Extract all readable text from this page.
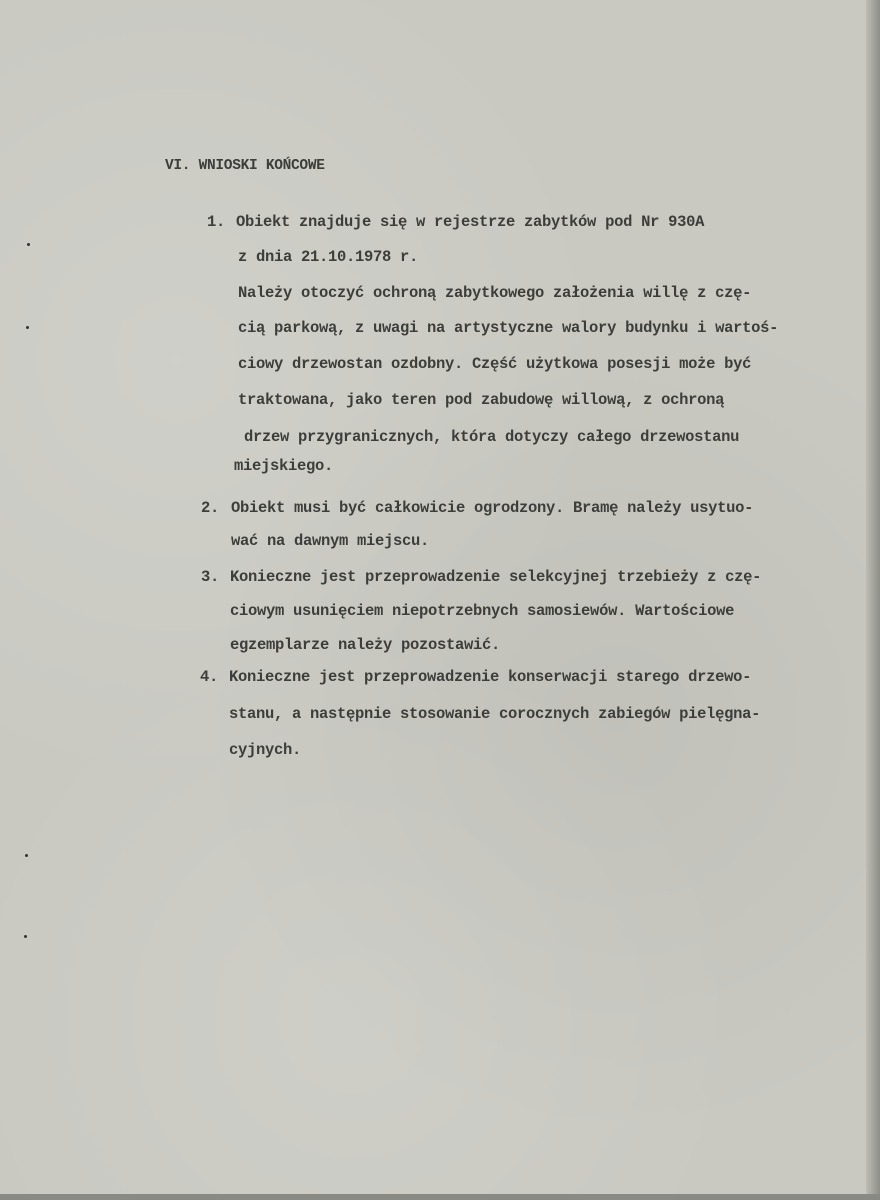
VI. WNIOSKI KOŃCOWE
1. Obiekt znajduje się w rejestrze zabytków pod Nr 930A
z dnia 21.10.1978 r.
Należy otoczyć ochroną zabytkowego założenia willę z czę-
cią parkową, z uwagi na artystyczne walory budynku i wartoś-
ciowy drzewostan ozdobny. Część użytkowa posesji może być
traktowana, jako teren pod zabudowę willową, z ochroną
drzew przygranicznych, która dotyczy całego drzewostanu
miejskiego.
2. Obiekt musi być całkowicie ogrodzony. Bramę należy usytuo-
wać na dawnym miejscu.
3. Konieczne jest przeprowadzenie selekcyjnej trzebieży z czę-
ciowym usunięciem niepotrzebnych samosiewów. Wartościowe
egzemplarze należy pozostawić.
4. Konieczne jest przeprowadzenie konserwacji starego drzewo-
stanu, a następnie stosowanie corocznych zabiegów pielęgna-
cyjnych.
